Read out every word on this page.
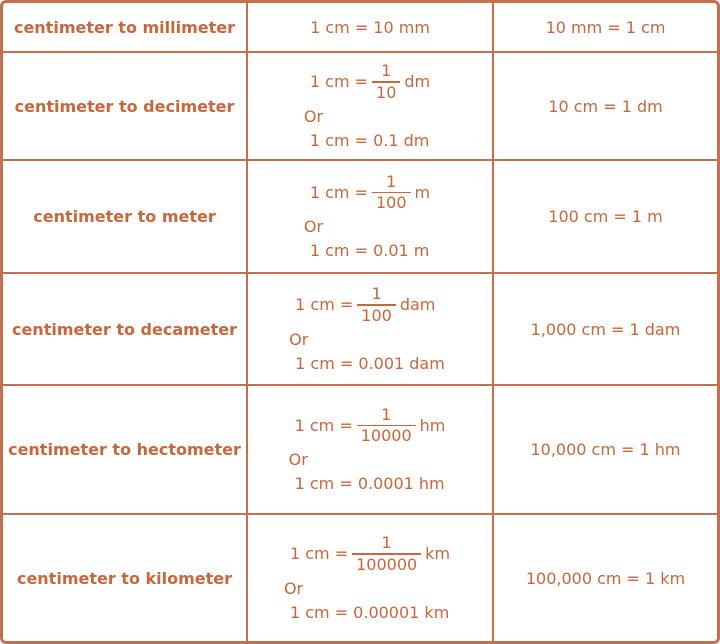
centimeter to millimeter	1 cm = 10 mm	10 mm = 1 cm
centimeter to decimeter
1 cm = $\frac{1}{10}$ dm
Or
1 cm = 0.1 dm
10 cm = 1 dm
centimeter to meter
1 cm = $\frac{1}{100}$ m
Or
1 cm = 0.01 m
100 cm = 1 m
centimeter to decameter
1 cm = $\frac{1}{100}$ dam
Or
1 cm = 0.001 dam
1,000 cm = 1 dam
centimeter to hectometer
1 cm = $\frac{1}{10000}$ hm
Or
1 cm = 0.0001 hm
10,000 cm = 1 hm
centimeter to kilometer
1 cm = $\frac{1}{100000}$ km
Or
1 cm = 0.00001 km
100,000 cm = 1 km
